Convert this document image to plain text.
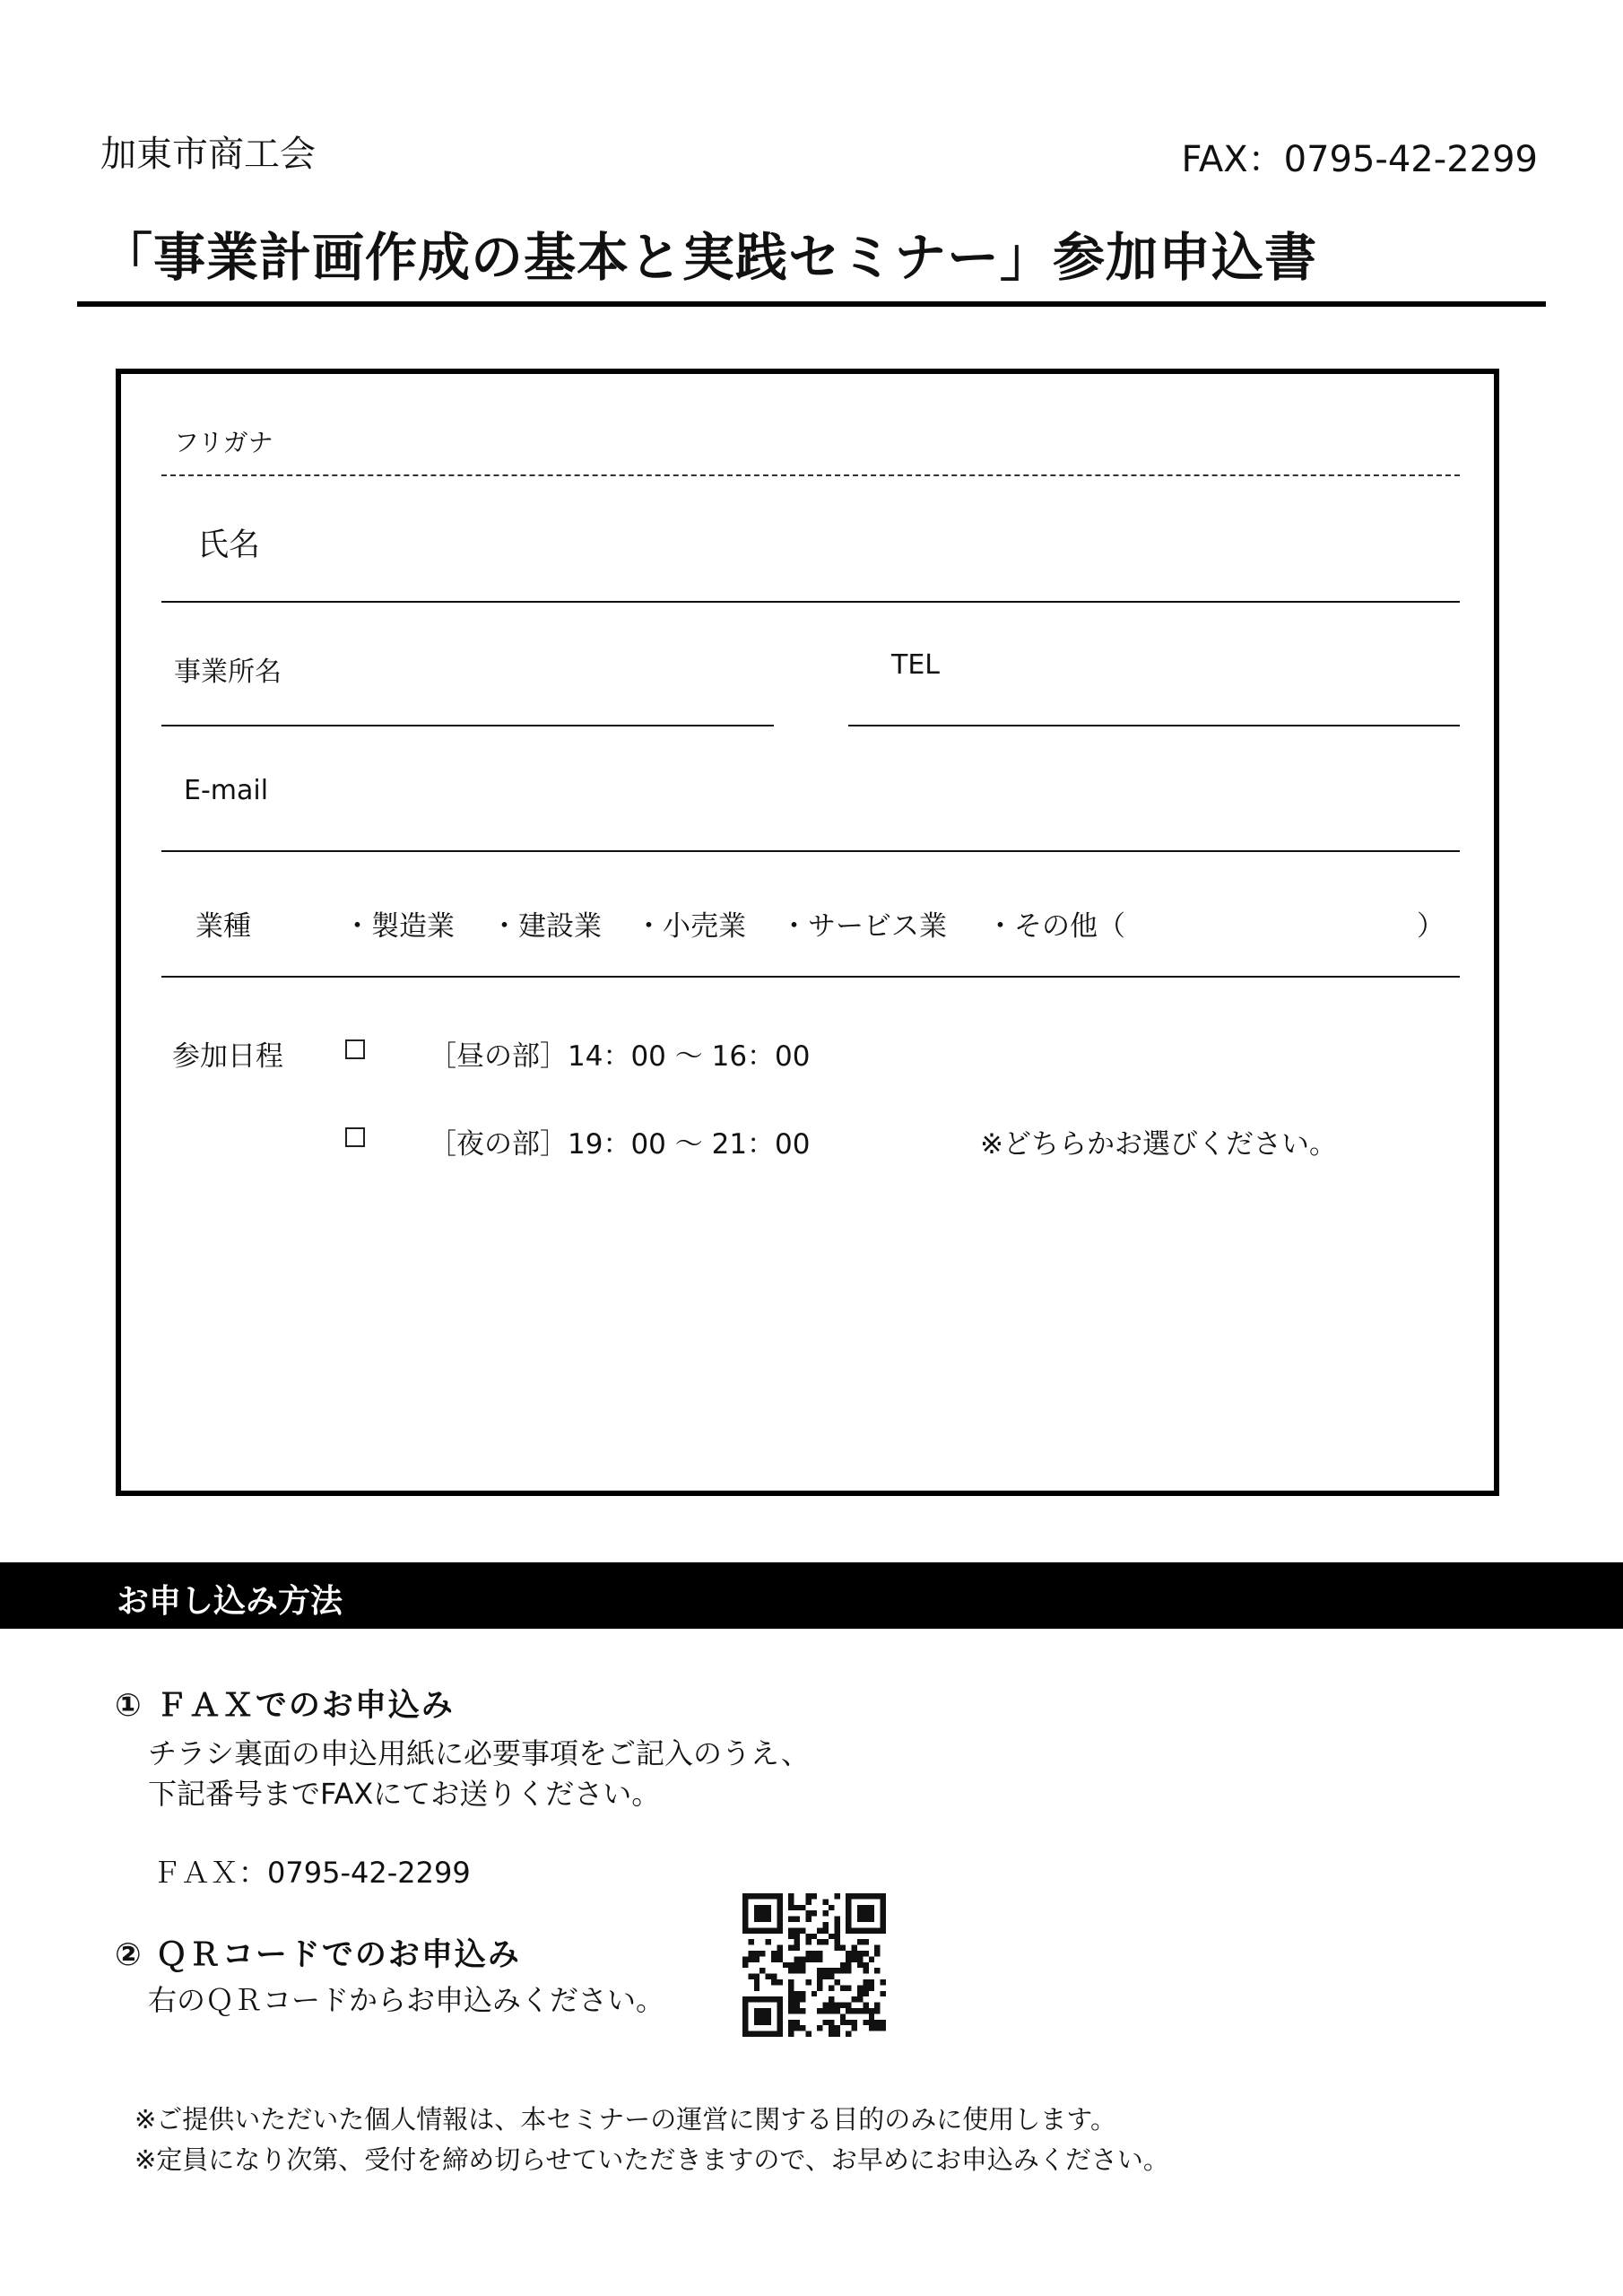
加東市商工会	FAX：0795-42-2299
「事業計画作成の基本と実践セミナー」参加申込書
フリガナ
氏名
事業所名	TEL
E-mail
業種	・製造業 ・建設業 ・小売業 ・サービス業 ・その他（	）
参加日程	［昼の部］14：00 〜 16：00
［夜の部］19：00 〜 21：00	※どちらかお選びください。
お申し込み方法
① ＦＡＸでのお申込み
チラシ裏面の申込用紙に必要事項をご記入のうえ、
下記番号までFAXにてお送りください。
ＦＡＸ：0795-42-2299
② ＱＲコードでのお申込み
右のＱＲコードからお申込みください。
※ご提供いただいた個人情報は、本セミナーの運営に関する目的のみに使用します。
※定員になり次第、受付を締め切らせていただきますので、お早めにお申込みください。
